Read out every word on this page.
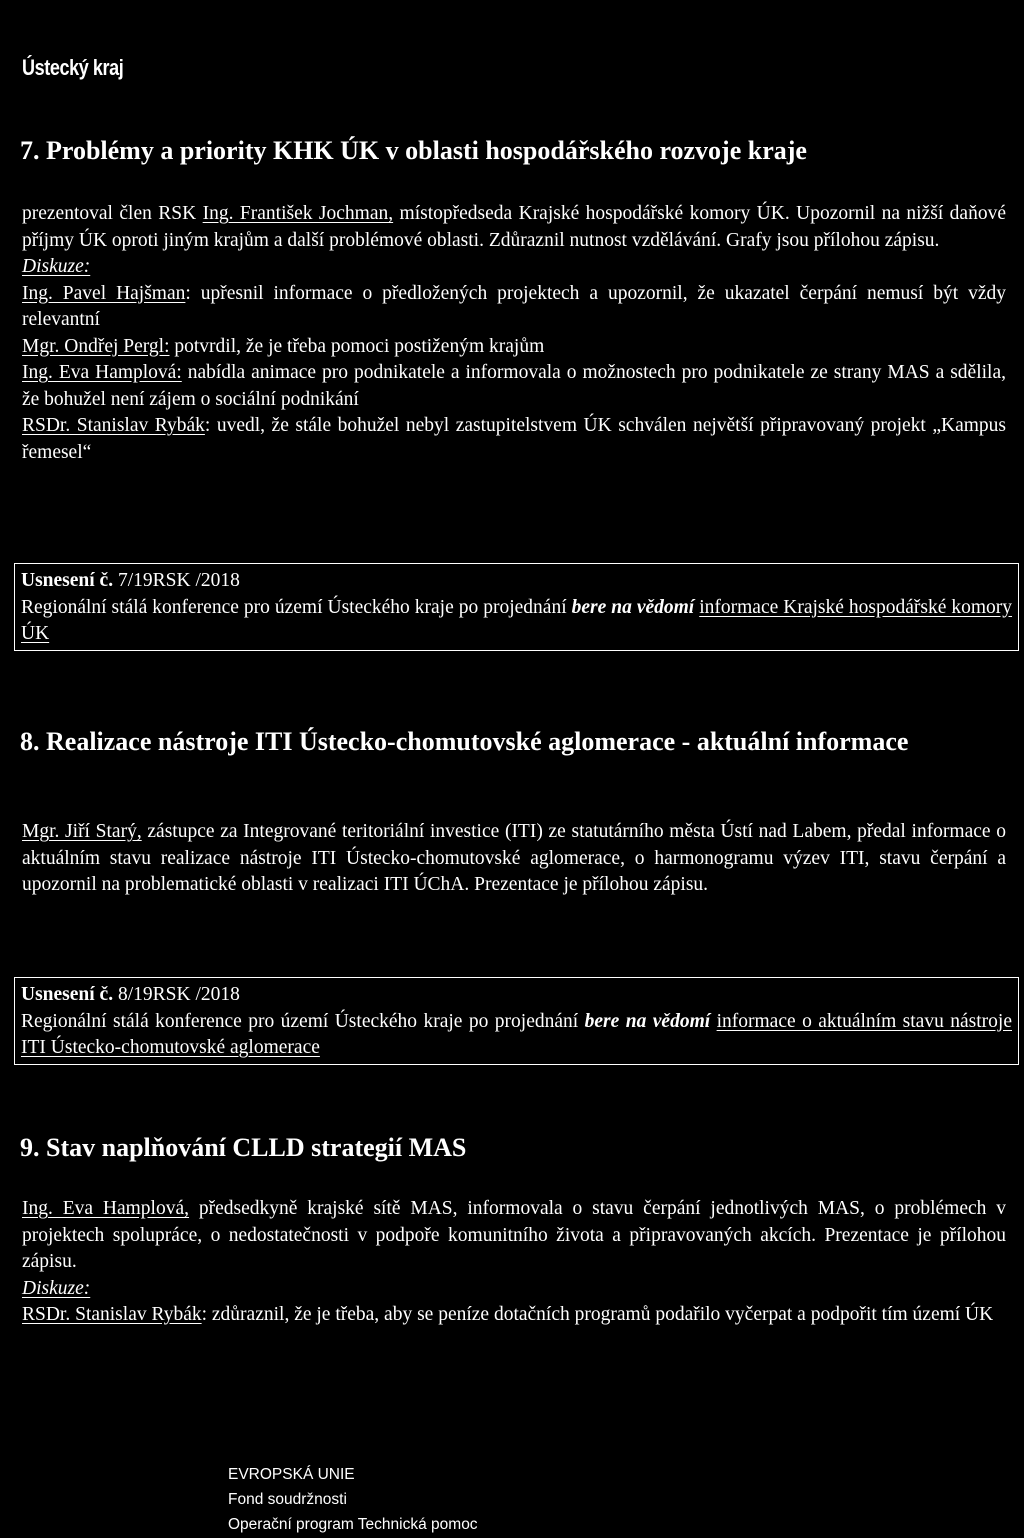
Ústecký kraj
7. Problémy a priority KHK ÚK v oblasti hospodářského rozvoje kraje

prezentoval člen RSK Ing. František Jochman, místopředseda Krajské hospodářské komory ÚK. Upozornil na nižší daňové příjmy ÚK oproti jiným krajům a další problémové oblasti. Zdůraznil nutnost vzdělávání. Grafy jsou přílohou zápisu.

Diskuze:

Ing. Pavel Hajšman: upřesnil informace o předložených projektech a upozornil, že ukazatel čerpání nemusí být vždy relevantní

Mgr. Ondřej Pergl: potvrdil, že je třeba pomoci postiženým krajům

Ing. Eva Hamplová: nabídla animace pro podnikatele a informovala o možnostech pro podnikatele ze strany MAS a sdělila, že bohužel není zájem o sociální podnikání

RSDr. Stanislav Rybák: uvedl, že stále bohužel nebyl zastupitelstvem ÚK schválen největší připravovaný projekt „Kampus řemesel“

Usnesení č. 7/19RSK /2018

Regionální stálá konference pro území Ústeckého kraje po projednání bere na vědomí informace Krajské hospodářské komory ÚK

8. Realizace nástroje ITI Ústecko-chomutovské aglomerace - aktuální informace

Mgr. Jiří Starý, zástupce za Integrované teritoriální investice (ITI) ze statutárního města Ústí nad Labem, předal informace o aktuálním stavu realizace nástroje ITI Ústecko-chomutovské aglomerace, o harmonogramu výzev ITI, stavu čerpání a upozornil na problematické oblasti v realizaci ITI ÚChA. Prezentace je přílohou zápisu.

Usnesení č. 8/19RSK /2018

Regionální stálá konference pro území Ústeckého kraje po projednání bere na vědomí informace o aktuálním stavu nástroje ITI Ústecko-chomutovské aglomerace

9. Stav naplňování CLLD strategií MAS

Ing. Eva Hamplová, předsedkyně krajské sítě MAS, informovala o stavu čerpání jednotlivých MAS, o problémech v projektech spolupráce, o nedostatečnosti v podpoře komunitního života a připravovaných akcích. Prezentace je přílohou zápisu.

Diskuze:

RSDr. Stanislav Rybák: zdůraznil, že je třeba, aby se peníze dotačních programů podařilo vyčerpat a podpořit tím území ÚK

EVROPSKÁ UNIE
Fond soudržnosti
Operační program Technická pomoc
